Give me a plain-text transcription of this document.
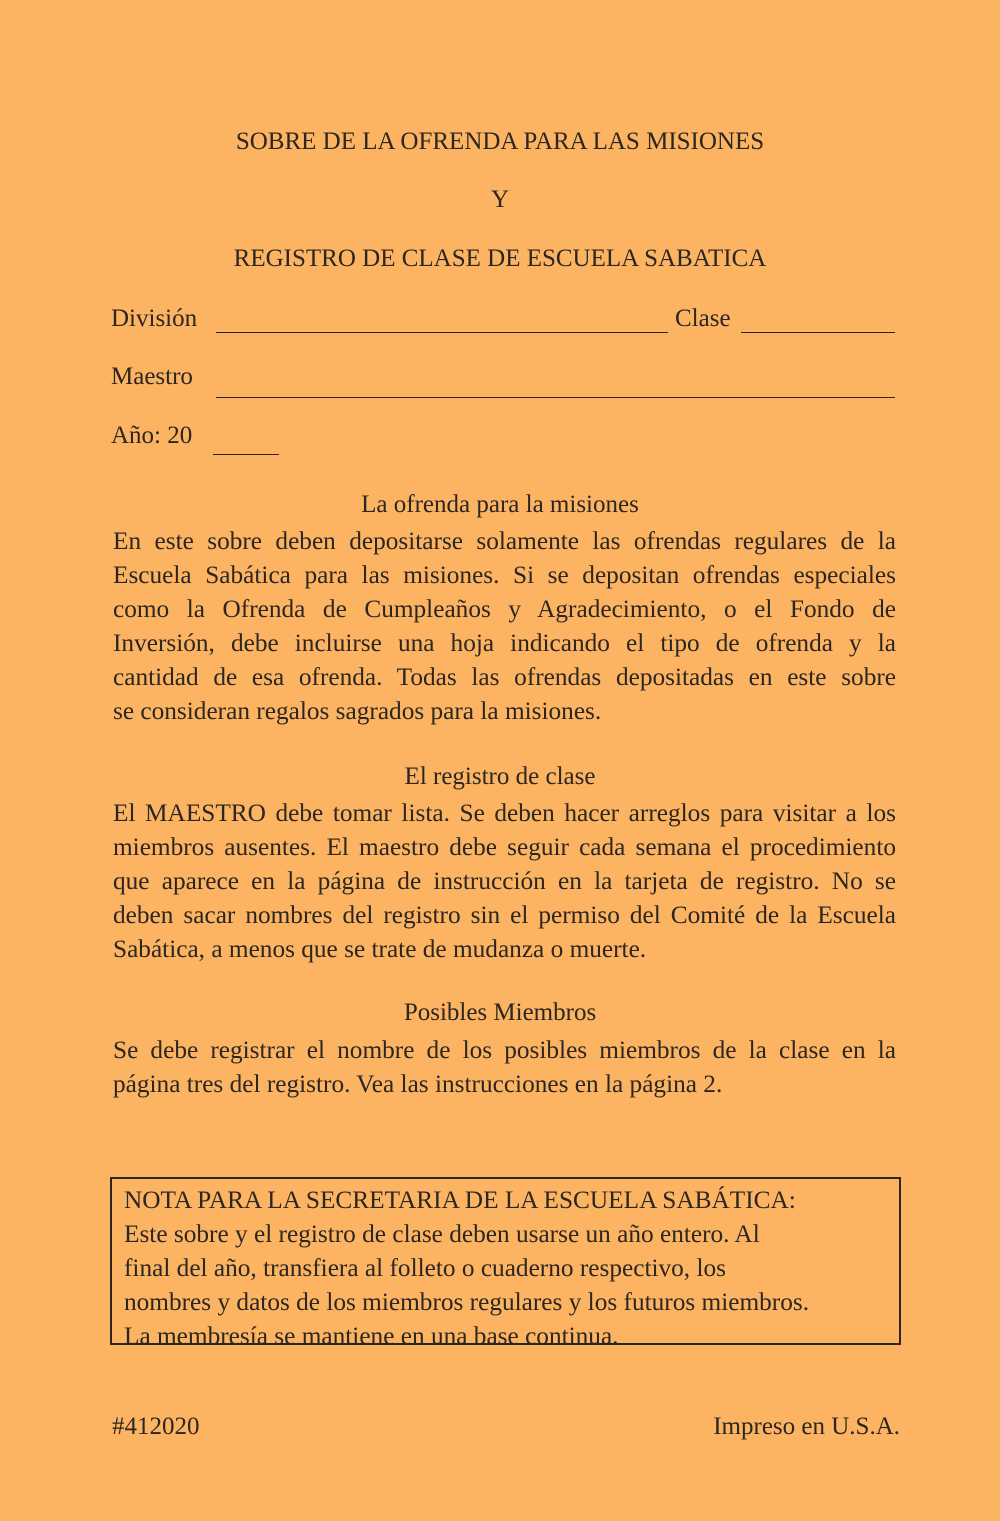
SOBRE DE LA OFRENDA PARA LAS MISIONES
Y
REGISTRO DE CLASE DE ESCUELA SABATICA
División	Clase
Maestro
Año: 20
La ofrenda para la misiones
En este sobre deben depositarse solamente las ofrendas regulares de la
Escuela Sabática para las misiones. Si se depositan ofrendas especiales
como la Ofrenda de Cumpleaños y Agradecimiento, o el Fondo de
Inversión, debe incluirse una hoja indicando el tipo de ofrenda y la
cantidad de esa ofrenda. Todas las ofrendas depositadas en este sobre
se consideran regalos sagrados para la misiones.
El registro de clase
El MAESTRO debe tomar lista. Se deben hacer arreglos para visitar a los
miembros ausentes. El maestro debe seguir cada semana el procedimiento
que aparece en la página de instrucción en la tarjeta de registro. No se
deben sacar nombres del registro sin el permiso del Comité de la Escuela
Sabática, a menos que se trate de mudanza o muerte.
Posibles Miembros
Se debe registrar el nombre de los posibles miembros de la clase en la
página tres del registro. Vea las instrucciones en la página 2.
NOTA PARA LA SECRETARIA DE LA ESCUELA SABÁTICA:
Este sobre y el registro de clase deben usarse un año entero. Al
final del año, transfiera al folleto o cuaderno respectivo, los
nombres y datos de los miembros regulares y los futuros miembros.
La membresía se mantiene en una base continua.
#412020	Impreso en U.S.A.
